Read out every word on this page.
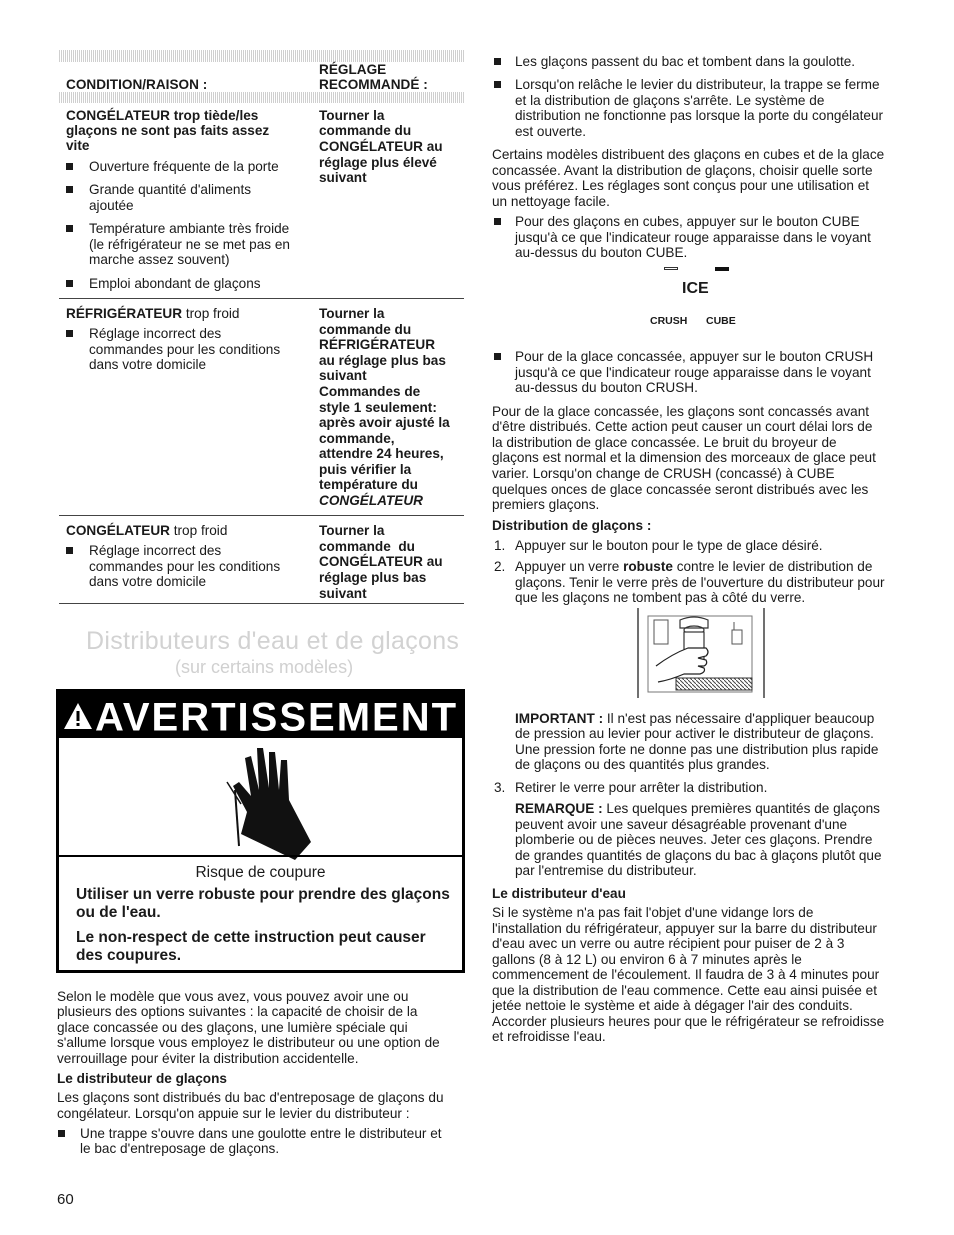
CONDITION/RAISON :
RÉGLAGE
RECOMMANDÉ :
CONGÉLATEUR trop tiède/les
glaçons ne sont pas faits assez
vite
Ouverture fréquente de la porte
Grande quantité d'aliments
ajoutée
Température ambiante très froide
(le réfrigérateur ne se met pas en
marche assez souvent)
Emploi abondant de glaçons
Tourner la
commande du
CONGÉLATEUR au
réglage plus élevé
suivant
RÉFRIGÉRATEUR trop froid
Réglage incorrect des
commandes pour les conditions
dans votre domicile
Tourner la
commande du
RÉFRIGÉRATEUR
au réglage plus bas
suivant
Commandes de
style 1 seulement:
après avoir ajusté la
commande,
attendre 24 heures,
puis vérifier la
température du
CONGÉLATEUR
CONGÉLATEUR trop froid
Réglage incorrect des
commandes pour les conditions
dans votre domicile
Tourner la
commande  du
CONGÉLATEUR au
réglage plus bas
suivant
Distributeurs d'eau et de glaçons
(sur certains modèles)
AVERTISSEMENT
Risque de coupure
Utiliser un verre robuste pour prendre des glaçons
ou de l'eau.
Le non-respect de cette instruction peut causer
des coupures.
Selon le modèle que vous avez, vous pouvez avoir une ou
plusieurs des options suivantes : la capacité de choisir de la
glace concassée ou des glaçons, une lumière spéciale qui
s'allume lorsque vous employez le distributeur ou une option de
verrouillage pour éviter la distribution accidentelle.
Le distributeur de glaçons
Les glaçons sont distribués du bac d'entreposage de glaçons du
congélateur. Lorsqu'on appuie sur le levier du distributeur :
Une trappe s'ouvre dans une goulotte entre le distributeur et
le bac d'entreposage de glaçons.
60
Les glaçons passent du bac et tombent dans la goulotte.
Lorsqu'on relâche le levier du distributeur, la trappe se ferme
et la distribution de glaçons s'arrête. Le système de
distribution ne fonctionne pas lorsque la porte du congélateur
est ouverte.
Certains modèles distribuent des glaçons en cubes et de la glace
concassée. Avant la distribution de glaçons, choisir quelle sorte
vous préférez. Les réglages sont conçus pour une utilisation et
un nettoyage facile.
Pour des glaçons en cubes, appuyer sur le bouton CUBE
jusqu'à ce que l'indicateur rouge apparaisse dans le voyant
au-dessus du bouton CUBE.
ICE
CRUSH CUBE
Pour de la glace concassée, appuyer sur le bouton CRUSH
jusqu'à ce que l'indicateur rouge apparaisse dans le voyant
au-dessus du bouton CRUSH.
Pour de la glace concassée, les glaçons sont concassés avant
d'être distribués. Cette action peut causer un court délai lors de
la distribution de glace concassée. Le bruit du broyeur de
glaçons est normal et la dimension des morceaux de glace peut
varier. Lorsqu'on change de CRUSH (concassé) à CUBE
quelques onces de glace concassée seront distribués avec les
premiers glaçons.
Distribution de glaçons :
1. Appuyer sur le bouton pour le type de glace désiré.
2. Appuyer un verre robuste contre le levier de distribution de
glaçons. Tenir le verre près de l'ouverture du distributeur pour
que les glaçons ne tombent pas à côté du verre.
IMPORTANT : Il n'est pas nécessaire d'appliquer beaucoup
de pression au levier pour activer le distributeur de glaçons.
Une pression forte ne donne pas une distribution plus rapide
de glaçons ou des quantités plus grandes.
3. Retirer le verre pour arrêter la distribution.
REMARQUE : Les quelques premières quantités de glaçons
peuvent avoir une saveur désagréable provenant d'une
plomberie ou de pièces neuves. Jeter ces glaçons. Prendre
de grandes quantités de glaçons du bac à glaçons plutôt que
par l'entremise du distributeur.
Le distributeur d'eau
Si le système n'a pas fait l'objet d'une vidange lors de
l'installation du réfrigérateur, appuyer sur la barre du distributeur
d'eau avec un verre ou autre récipient pour puiser de 2 à 3
gallons (8 à 12 L) ou environ 6 à 7 minutes après le
commencement de l'écoulement. Il faudra de 3 à 4 minutes pour
que la distribution de l'eau commence. Cette eau ainsi puisée et
jetée nettoie le système et aide à dégager l'air des conduits.
Accorder plusieurs heures pour que le réfrigérateur se refroidisse
et refroidisse l'eau.
